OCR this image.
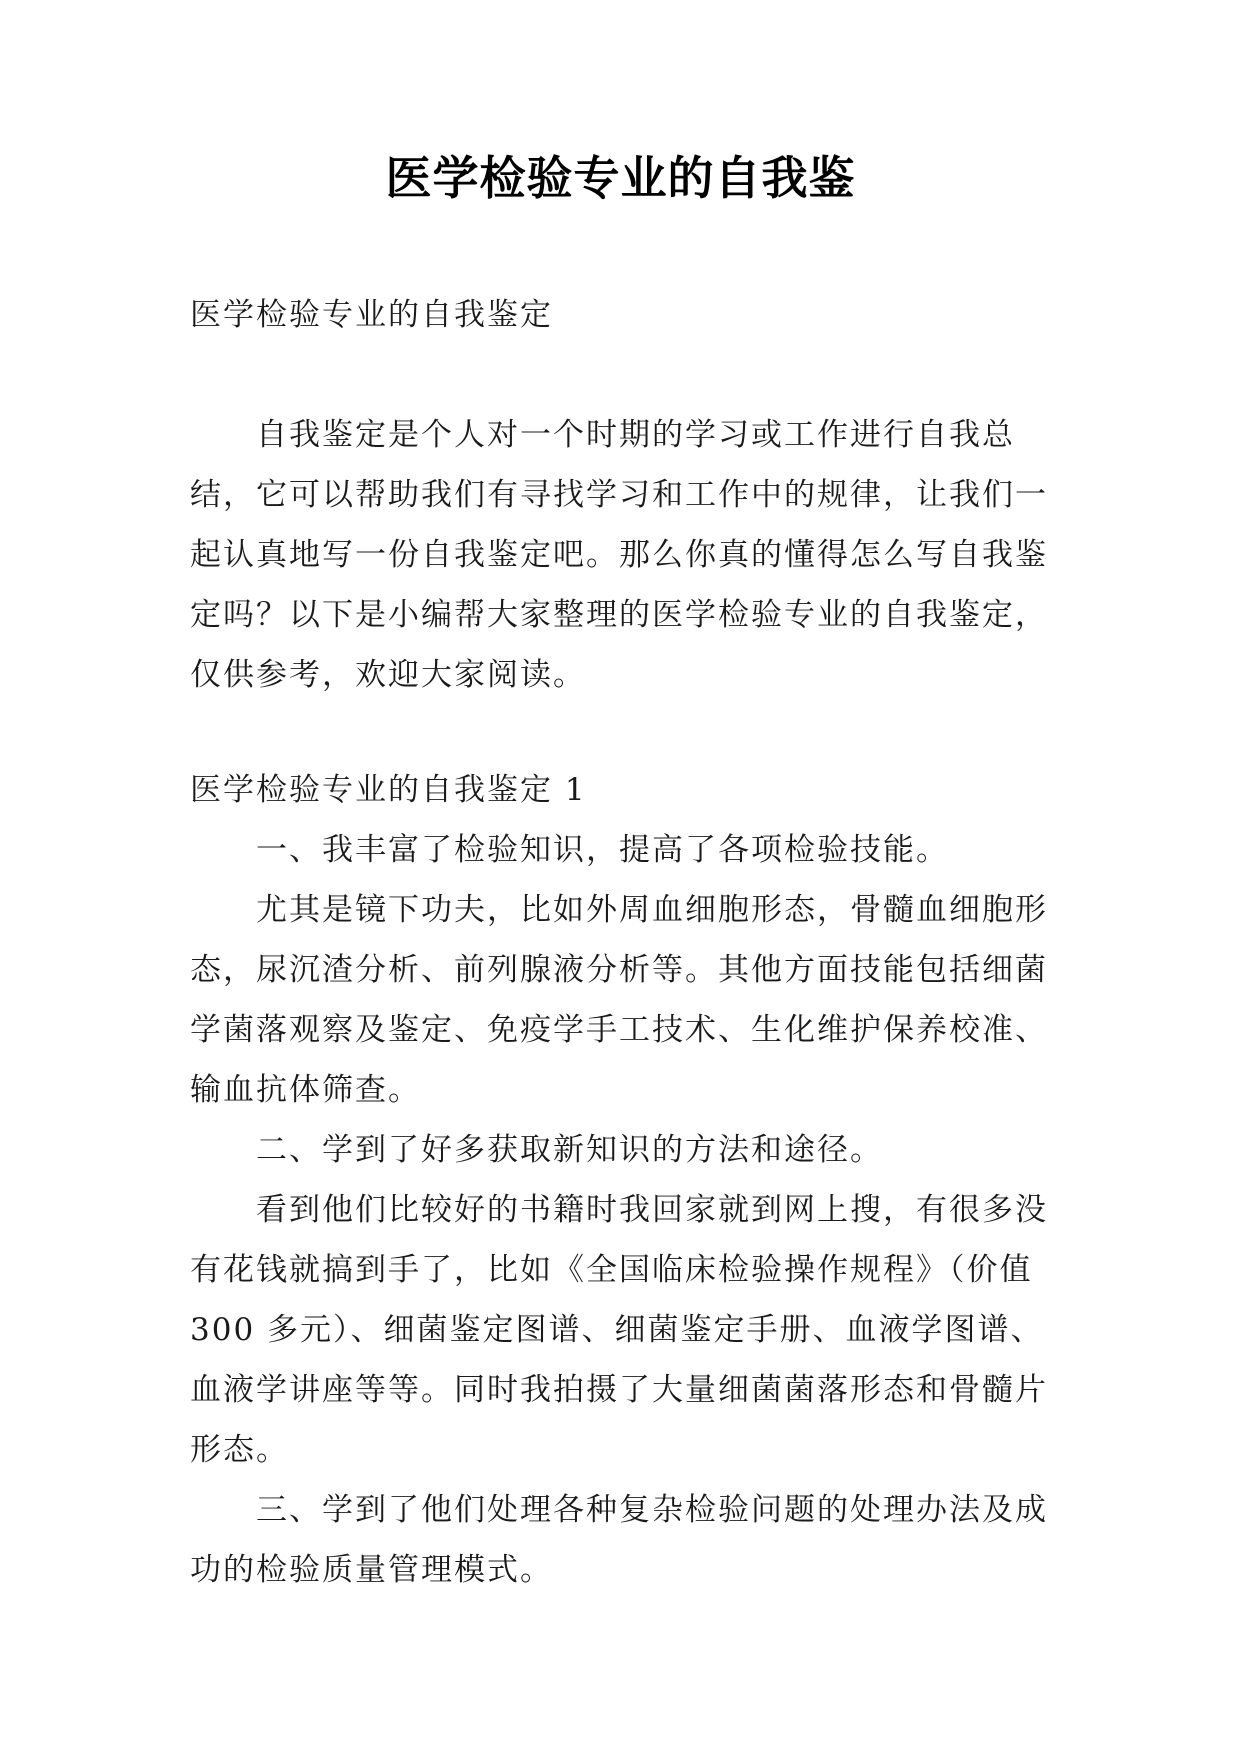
医学检验专业的自我鉴
医学检验专业的自我鉴定
自我鉴定是个人对一个时期的学习或工作进行自我总结，它可以帮助我们有寻找学习和工作中的规律，让我们一起认真地写一份自我鉴定吧。那么你真的懂得怎么写自我鉴定吗？以下是小编帮大家整理的医学检验专业的自我鉴定，仅供参考，欢迎大家阅读。
医学检验专业的自我鉴定 1

一、我丰富了检验知识，提高了各项检验技能。

尤其是镜下功夫，比如外周血细胞形态，骨髓血细胞形态，尿沉渣分析、前列腺液分析等。其他方面技能包括细菌学菌落观察及鉴定、免疫学手工技术、生化维护保养校准、输血抗体筛查。

二、学到了好多获取新知识的方法和途径。

看到他们比较好的书籍时我回家就到网上搜，有很多没有花钱就搞到手了，比如《全国临床检验操作规程》（价值 300 多元）、细菌鉴定图谱、细菌鉴定手册、血液学图谱、血液学讲座等等。同时我拍摄了大量细菌菌落形态和骨髓片形态。

三、学到了他们处理各种复杂检验问题的处理办法及成功的检验质量管理模式。
